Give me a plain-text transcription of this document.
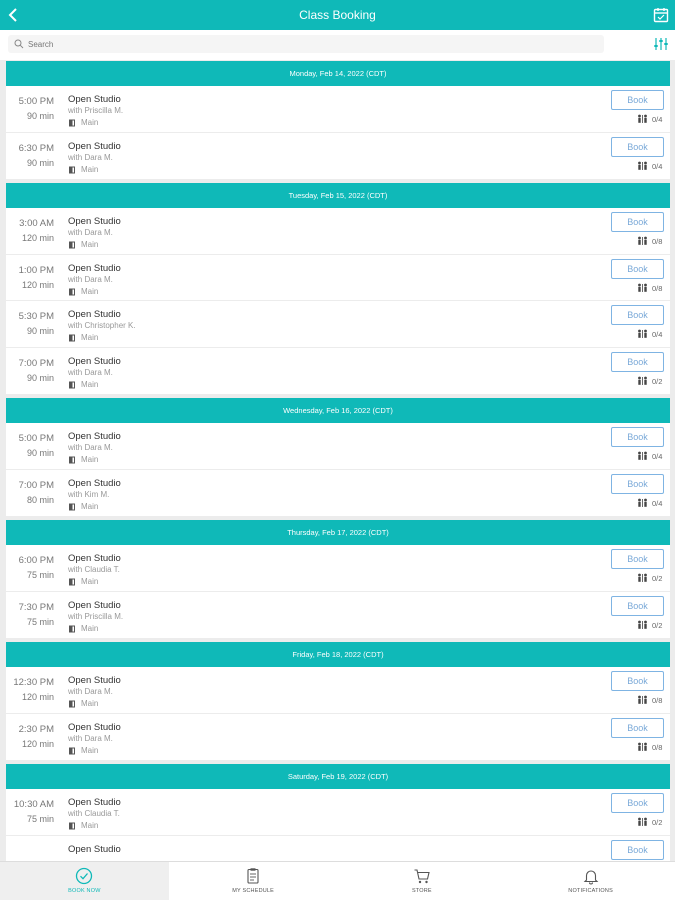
Class Booking
Search
Monday, Feb 14, 2022 (CDT)
5:00 PM
90 min
Open Studio
with Priscilla M.
Main
Book
0/4
6:30 PM
90 min
Open Studio
with Dara M.
Main
Book
0/4
Tuesday, Feb 15, 2022 (CDT)
3:00 AM
120 min
Open Studio
with Dara M.
Main
Book
0/8
1:00 PM
120 min
Open Studio
with Dara M.
Main
Book
0/8
5:30 PM
90 min
Open Studio
with Christopher K.
Main
Book
0/4
7:00 PM
90 min
Open Studio
with Dara M.
Main
Book
0/2
Wednesday, Feb 16, 2022 (CDT)
5:00 PM
90 min
Open Studio
with Dara M.
Main
Book
0/4
7:00 PM
80 min
Open Studio
with Kim M.
Main
Book
0/4
Thursday, Feb 17, 2022 (CDT)
6:00 PM
75 min
Open Studio
with Claudia T.
Main
Book
0/2
7:30 PM
75 min
Open Studio
with Priscilla M.
Main
Book
0/2
Friday, Feb 18, 2022 (CDT)
12:30 PM
120 min
Open Studio
with Dara M.
Main
Book
0/8
2:30 PM
120 min
Open Studio
with Dara M.
Main
Book
0/8
Saturday, Feb 19, 2022 (CDT)
10:30 AM
75 min
Open Studio
with Claudia T.
Main
Book
0/2
Open Studio	Book
BOOK NOW	MY SCHEDULE	STORE	NOTIFICATIONS
